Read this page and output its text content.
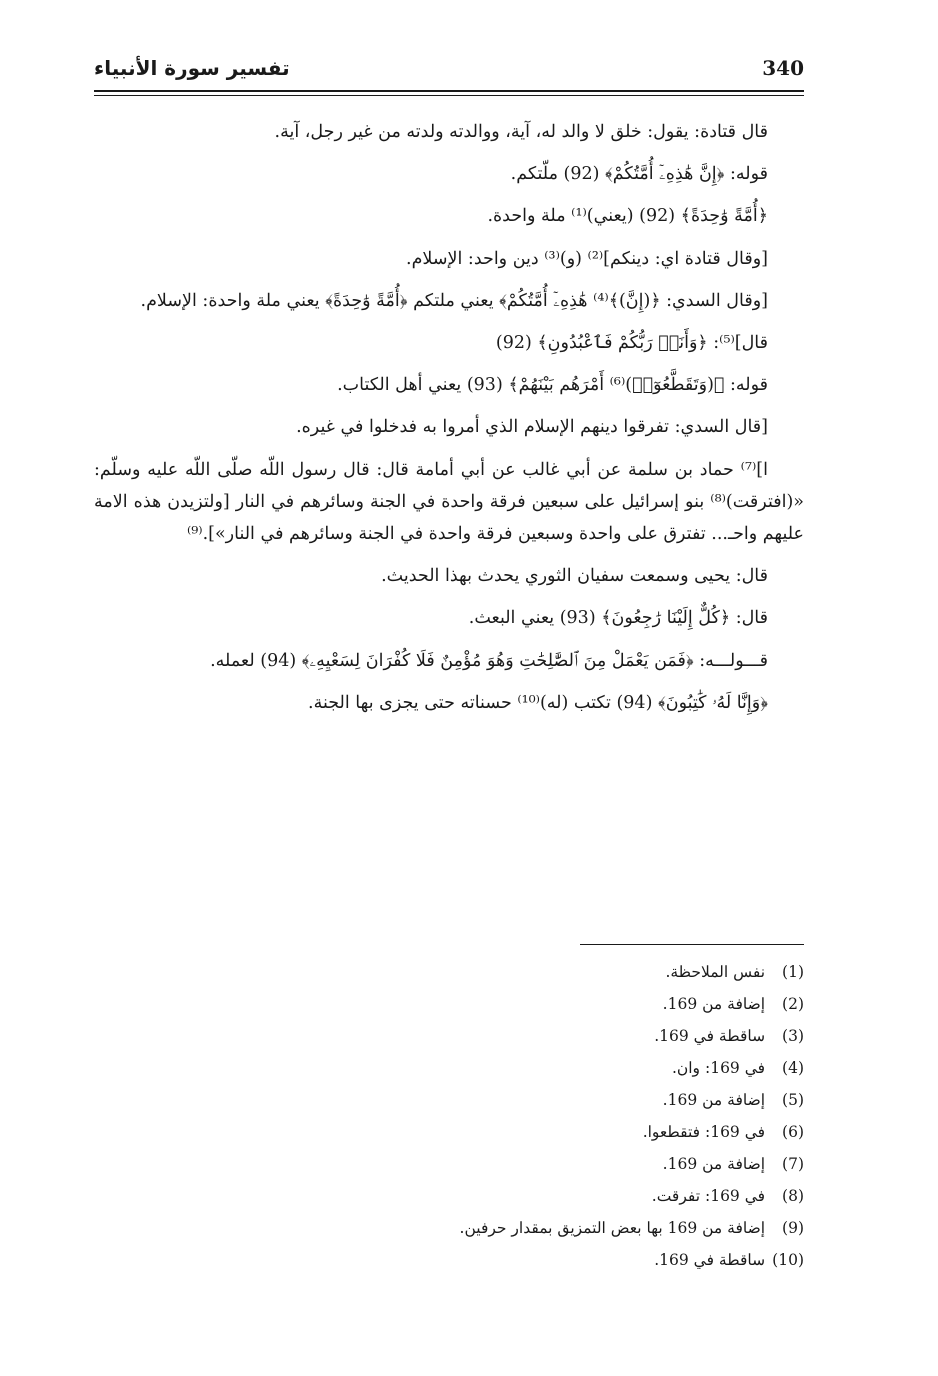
تفسير سورة الأنبياء	340

قال قتادة: يقول: خلق لا والد له، آية، ووالدته ولدته من غير رجل، آية.

قوله: ﴿إِنَّ هَٰذِهِۦٓ أُمَّتُكُمْ﴾ (92) ملّتكم.

﴿أُمَّةً وَٰحِدَةً﴾ (92) (يعني)⁽¹⁾ ملة واحدة.

[وقال قتادة اي: دينكم]⁽²⁾ (و)⁽³⁾ دين واحد: الإسلام.

[وقال السدي: ﴿(إِنَّ)﴾⁽⁴⁾ هَٰذِهِۦٓ أُمَّتُكُمْ﴾ يعني ملتكم ﴿أُمَّةً وَٰحِدَةً﴾ يعني ملة واحدة: الإسلام.

قال]⁽⁵⁾: ﴿وَأَنَا۠ رَبُّكُمْ فَٱعْبُدُونِ﴾ (92)

قوله: ﴿(وَتَقَطَّعُوٓا۟)⁽⁶⁾ أَمْرَهُم بَيْنَهُمْ﴾ (93) يعني أهل الكتاب.

[قال السدي: تفرقوا دينهم الإسلام الذي أمروا به فدخلوا في غيره.

ا]⁽⁷⁾ حماد بن سلمة عن أبي غالب عن أبي أمامة قال: قال رسول اللّه صلّى اللّه عليه وسلّم: «(افترقت)⁽⁸⁾ بنو إسرائيل على سبعين فرقة واحدة في الجنة وسائرهم في النار [ولتزيدن هذه الامة عليهم واحـ... تفترق على واحدة وسبعين فرقة واحدة في الجنة وسائرهم في النار»].⁽⁹⁾

قال: يحيى وسمعت سفيان الثوري يحدث بهذا الحديث.

قال: ﴿كُلٌّ إِلَيْنَا رَٰجِعُونَ﴾ (93) يعني البعث.

قـــولـــه: ﴿فَمَن يَعْمَلْ مِنَ ٱلصَّٰلِحَٰتِ وَهُوَ مُؤْمِنٌ فَلَا كُفْرَانَ لِسَعْيِهِۦ﴾ (94) لعمله.

﴿وَإِنَّا لَهُۥ كَٰتِبُونَ﴾ (94) تكتب (له)⁽¹⁰⁾ حسناته حتى يجزى بها الجنة.

(1) نفس الملاحظة.
(2) إضافة من 169.
(3) ساقطة في 169.
(4) في 169: وان.
(5) إضافة من 169.
(6) في 169: فتقطعوا.
(7) إضافة من 169.
(8) في 169: تفرقت.
(9) إضافة من 169 بها بعض التمزيق بمقدار حرفين.
(10) ساقطة في 169.
